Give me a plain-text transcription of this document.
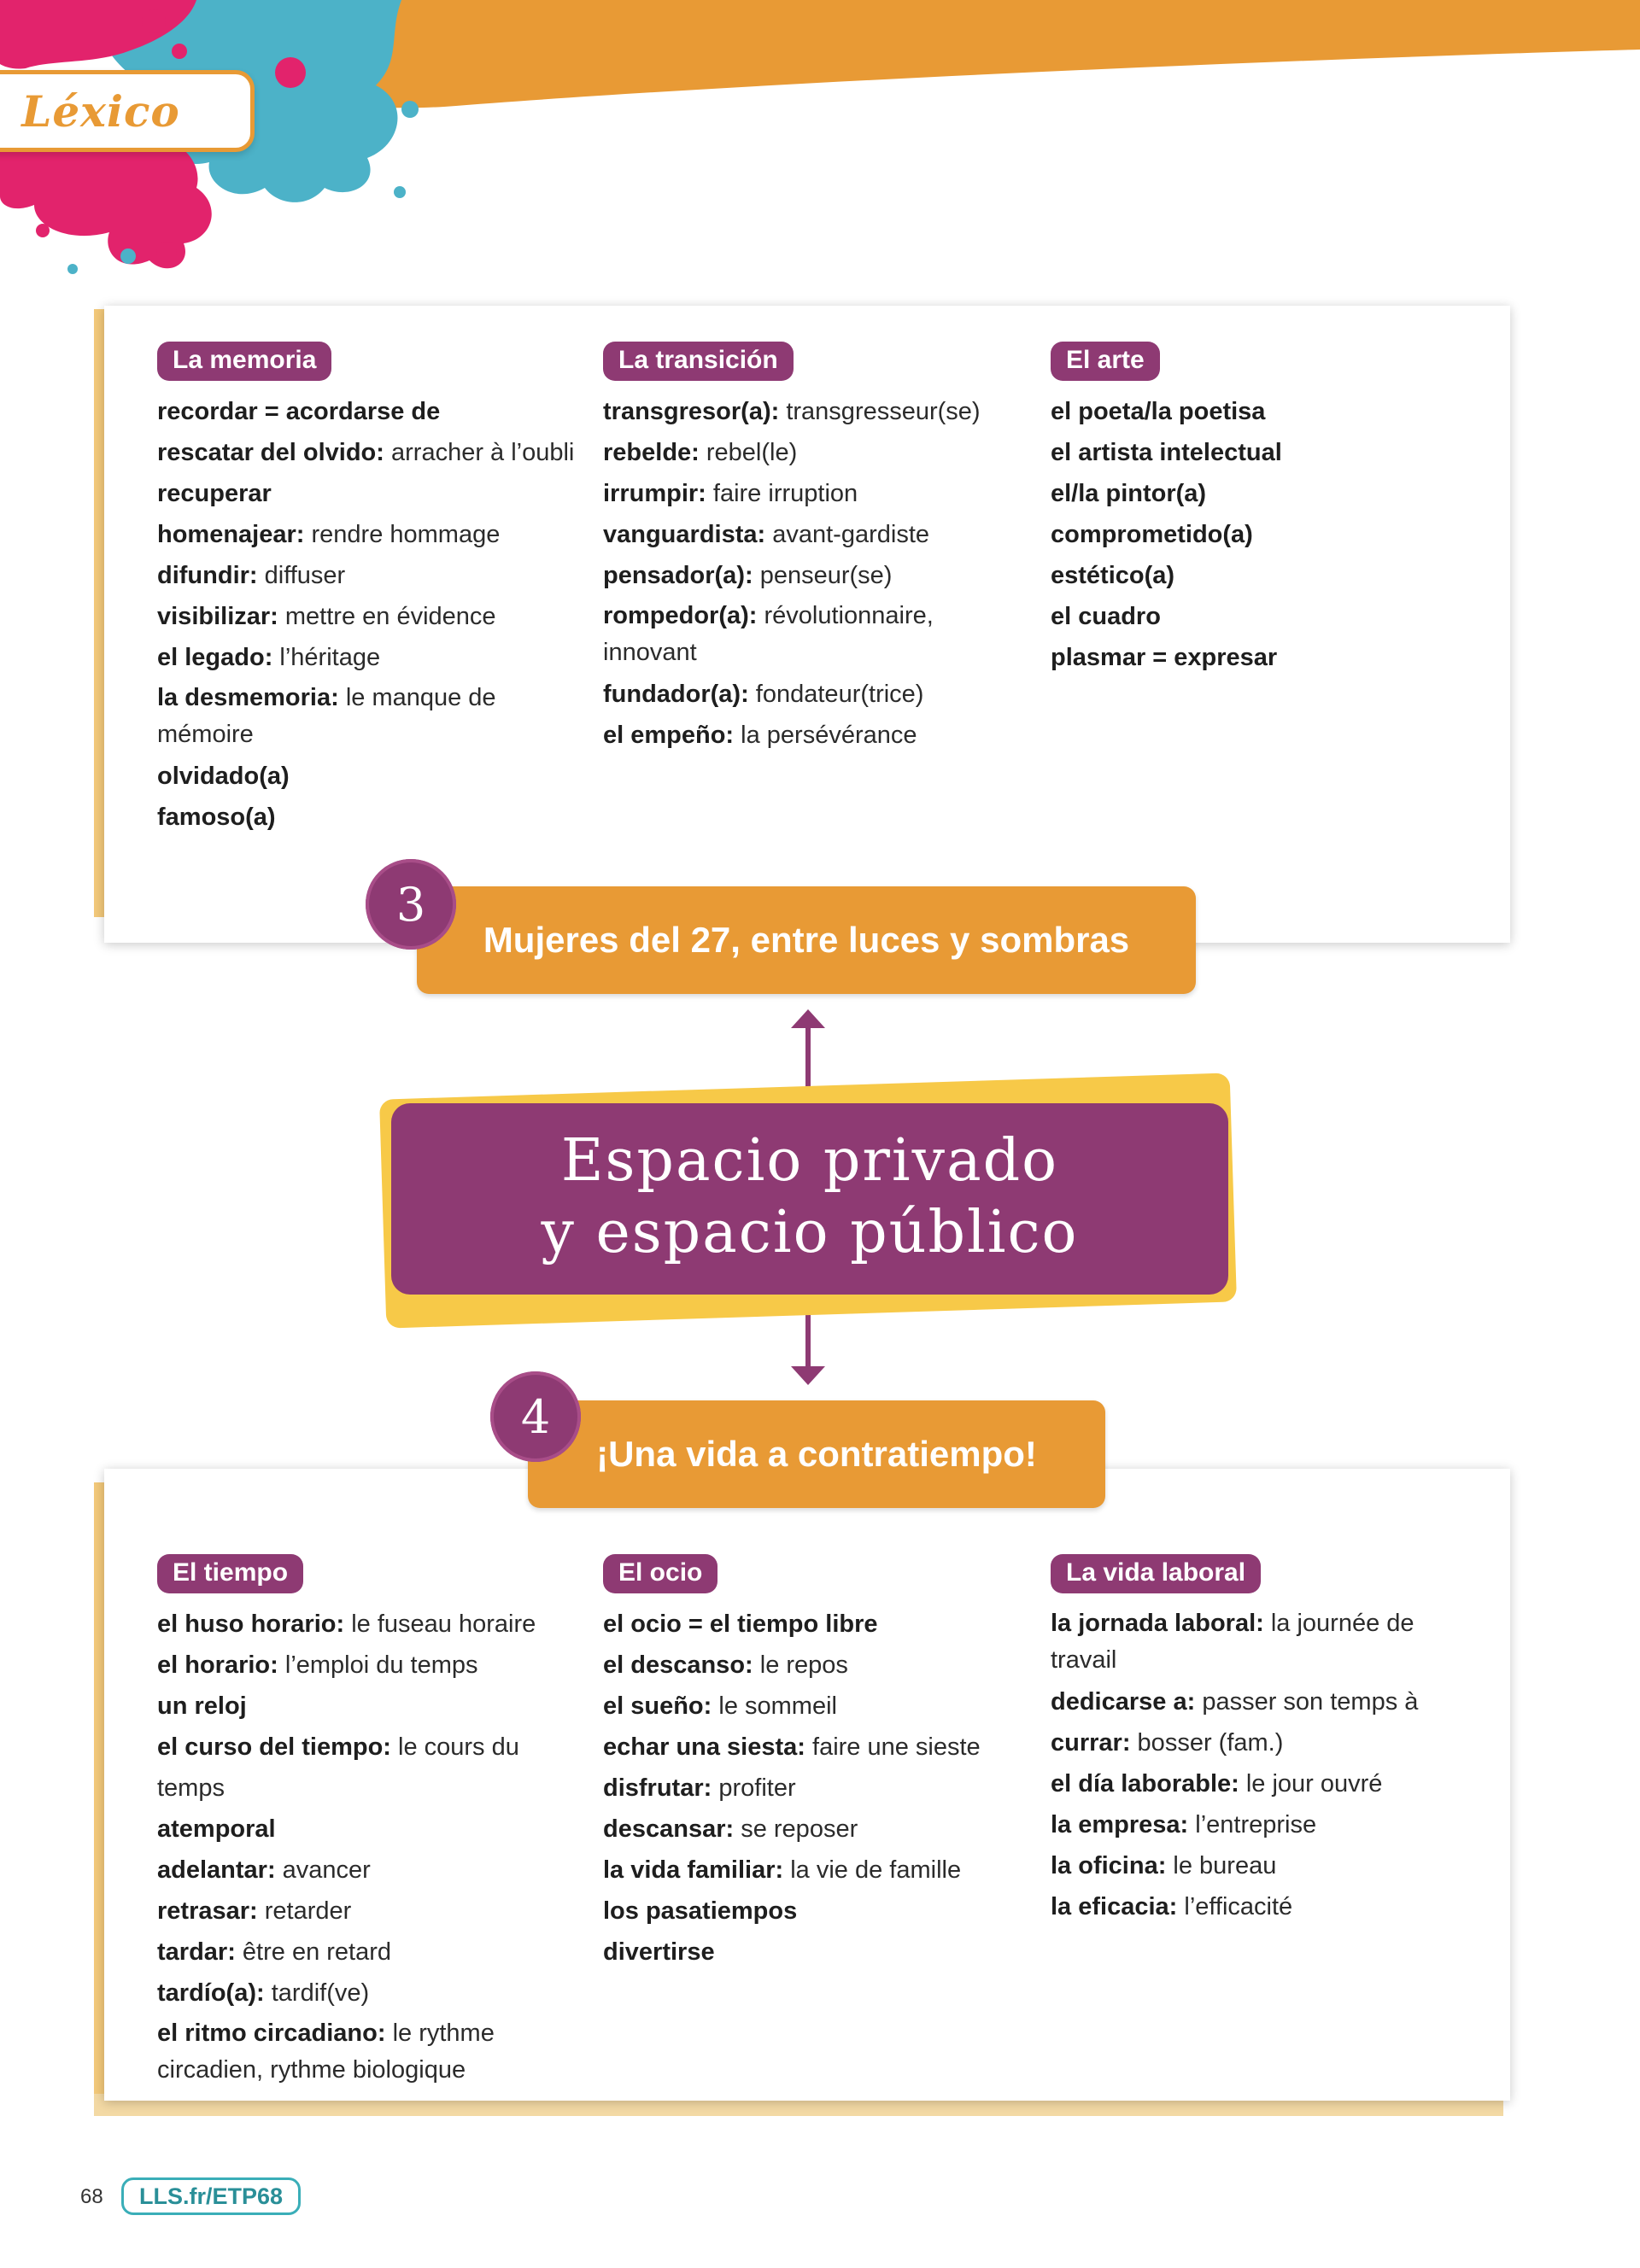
Léxico
La memoria
recordar = acordarse de
rescatar del olvido: arracher à l’oubli
recuperar
homenajear: rendre hommage
difundir: diffuser
visibilizar: mettre en évidence
el legado: l’héritage
la desmemoria: le manque de mémoire
olvidado(a)
famoso(a)
La transición
transgresor(a): transgresseur(se)
rebelde: rebel(le)
irrumpir: faire irruption
vanguardista: avant-gardiste
pensador(a): penseur(se)
rompedor(a): révolutionnaire, innovant
fundador(a): fondateur(trice)
el empeño: la persévérance
El arte
el poeta/la poetisa
el artista intelectual
el/la pintor(a)
comprometido(a)
estético(a)
el cuadro
plasmar = expresar
Mujeres del 27, entre luces y sombras
3
Espacio privado
y espacio público
El tiempo
el huso horario: le fuseau horaire
el horario: l’emploi du temps
un reloj
el curso del tiempo: le cours du temps
atemporal
adelantar: avancer
retrasar: retarder
tardar: être en retard
tardío(a): tardif(ve)
el ritmo circadiano: le rythme circadien, rythme biologique
El ocio
el ocio = el tiempo libre
el descanso: le repos
el sueño: le sommeil
echar una siesta: faire une sieste
disfrutar: profiter
descansar: se reposer
la vida familiar: la vie de famille
los pasatiempos
divertirse
La vida laboral
la jornada laboral: la journée de travail
dedicarse a: passer son temps à
currar: bosser (fam.)
el día laborable: le jour ouvré
la empresa: l’entreprise
la oficina: le bureau
la eficacia: l’efficacité
¡Una vida a contratiempo!
4
68	LLS.fr/ETP68
